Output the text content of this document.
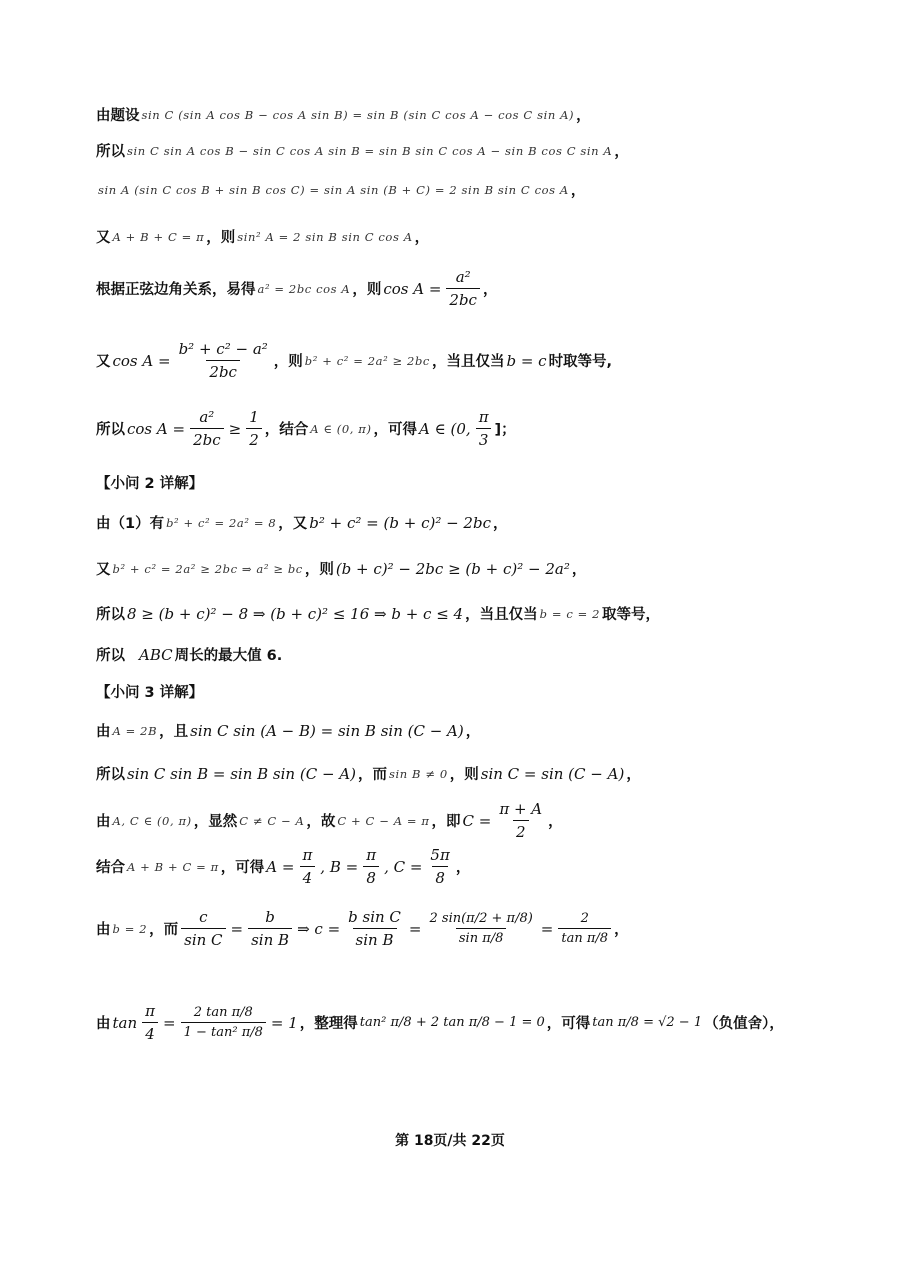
由题设 sin C (sin A cos B − cos A sin B) = sin B (sin C cos A − cos C sin A) ，
所以 sin C sin A cos B − sin C cos A sin B = sin B sin C cos A − sin B cos C sin A ，
sin A (sin C cos B + sin B cos C) = sin A sin (B + C) = 2 sin B sin C cos A ，
又 A + B + C = π ，则 sin² A = 2 sin B sin C cos A ，
根据正弦边角关系，易得 a² = 2bc cos A ，则 $\cos A = \frac{\text{a²}}{2bc}$ ，
又 $\cos A = \frac{\text{b² + c² − a²}}{2bc}$ ，则 b² + c² = 2a² ≥ 2bc ，当且仅当 b = c 时取等号,
所以 $\cos A = \frac{\text{a²}}{2bc} \ge \frac{1}{2}$ ，结合 A ∈ (0, π) ，可得 A ∈ (0, $\frac{\pi}{3}$ ]；
【小问 2 详解】
由（1）有 b² + c² = 2a² = 8 ，又 b² + c² = (b + c)² − 2bc ，
又 b² + c² = 2a² ≥ 2bc ⇒ a² ≥ bc ，则 (b + c)² − 2bc ≥ (b + c)² − 2a² ，
所以 8 ≥ (b + c)² − 8 ⇒ (b + c)² ≤ 16 ⇒ b + c ≤ 4 ，当且仅当 b = c = 2 取等号，
所以 ABC 周长的最大值 6.
【小问 3 详解】
由 A = 2B ，且 sin C sin (A − B) = sin B sin (C − A) ，
所以 sin C sin B = sin B sin (C − A) ，而 sin B ≠ 0 ，则 sin C = sin (C − A) ，
由 A, C ∈ (0, π) ，显然 C ≠ C − A ，故 C + C − A = π ，即 $C = \frac{\pi + A}{2}$ ，
结合 A + B + C = π ，可得 $A = \frac{\pi}{4}$ , $B = \frac{\pi}{8}$ , $C = \frac{5\pi}{8}$ ，
由 b = 2 ，而 $\frac{c}{\text{sin C}} = \frac{b}{\text{sin B}}$ ⇒ $c = \frac{\text{b sin C}}{\text{sin B}} = \frac{2 \sin(\pi/2 + \pi/8)}{\text{sin π/8}} = \frac{2}{\text{tan π/8}}$ ，
由 $\tan \frac{\pi}{4} = \frac{\text{2 tan π/8}}{\text{1 − tan² π/8}} = 1$ ，整理得 tan² π/8 + 2 tan π/8 − 1 = 0 ，可得 tan π/8 = √2 − 1 （负值舍），
第 18页/共 22页
